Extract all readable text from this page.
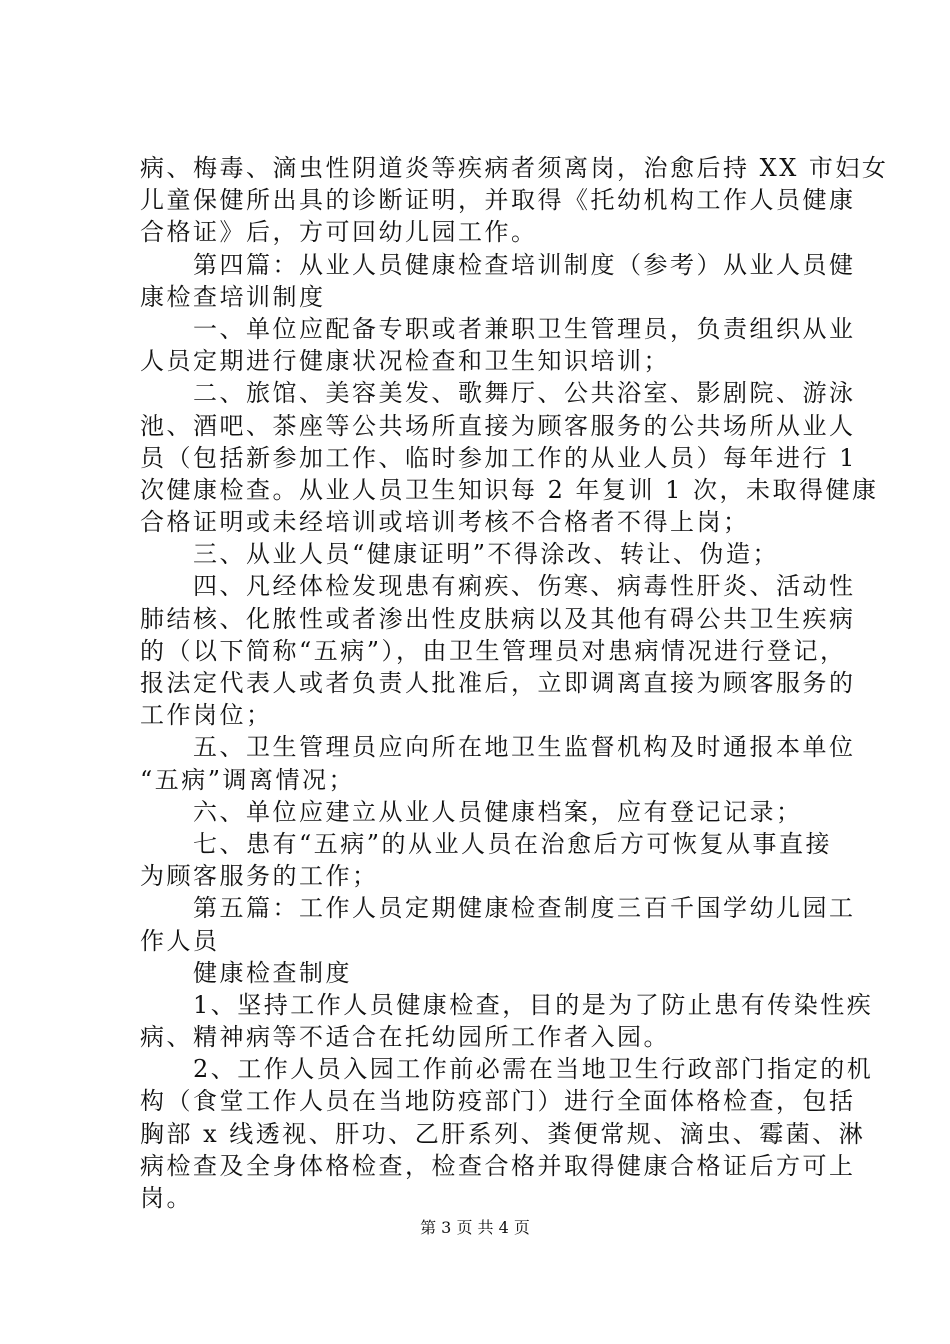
病、梅毒、滴虫性阴道炎等疾病者须离岗，治愈后持 XX 市妇女
儿童保健所出具的诊断证明，并取得《托幼机构工作人员健康
合格证》后，方可回幼儿园工作。
　　第四篇：从业人员健康检查培训制度（参考）从业人员健
康检查培训制度
　　一、单位应配备专职或者兼职卫生管理员，负责组织从业
人员定期进行健康状况检查和卫生知识培训；
　　二、旅馆、美容美发、歌舞厅、公共浴室、影剧院、游泳
池、酒吧、茶座等公共场所直接为顾客服务的公共场所从业人
员（包括新参加工作、临时参加工作的从业人员）每年进行 1
次健康检查。从业人员卫生知识每 2 年复训 1 次，未取得健康
合格证明或未经培训或培训考核不合格者不得上岗；
　　三、从业人员“健康证明”不得涂改、转让、伪造；
　　四、凡经体检发现患有痢疾、伤寒、病毒性肝炎、活动性
肺结核、化脓性或者渗出性皮肤病以及其他有碍公共卫生疾病
的（以下简称“五病”），由卫生管理员对患病情况进行登记，
报法定代表人或者负责人批准后，立即调离直接为顾客服务的
工作岗位；
　　五、卫生管理员应向所在地卫生监督机构及时通报本单位
“五病”调离情况；
　　六、单位应建立从业人员健康档案，应有登记记录；
　　七、患有“五病”的从业人员在治愈后方可恢复从事直接
为顾客服务的工作；
　　第五篇：工作人员定期健康检查制度三百千国学幼儿园工
作人员
　　健康检查制度
　　1、坚持工作人员健康检查，目的是为了防止患有传染性疾
病、精神病等不适合在托幼园所工作者入园。
　　2、工作人员入园工作前必需在当地卫生行政部门指定的机
构（食堂工作人员在当地防疫部门）进行全面体格检查，包括
胸部 x 线透视、肝功、乙肝系列、粪便常规、滴虫、霉菌、淋
病检查及全身体格检查，检查合格并取得健康合格证后方可上
岗。
第 3 页 共 4 页
